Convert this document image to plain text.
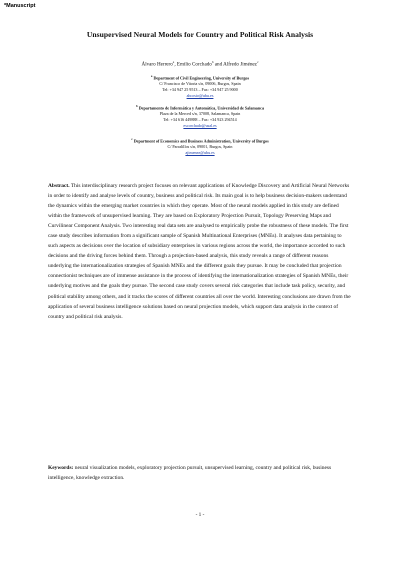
*Manuscript
Unsupervised Neural Models for Country and Political Risk Analysis
Álvaro Herrero$^a$, Emilio Corchado$^b$ and Alfredo Jiménez$^c$
$^a$ Department of Civil Engineering, University of Burgos
C/ Francisco de Vitoria s/n, 09006, Burgos, Spain
Tel: +34 947 25 9513 – Fax: +34 947 25 9000
ahcosio@ubu.es
$^b$ Departamento de Informática y Automática, Universidad de Salamanca
Plaza de la Merced s/n, 37008, Salamanca, Spain
Tel: +34 616 449888 – Fax: +34 923 294514
escorchado@usal.es
$^c$ Department of Economics and Business Administration, University of Burgos
C/ Parralillos s/n, 09001, Burgos, Spain
ajimenez@ubu.es
Abstract. This interdisciplinary research project focuses on relevant applications of Knowledge Discovery and Artificial Neural Networks in order to identify and analyse levels of country, business and political risk. Its main goal is to help business decision-makers understand the dynamics within the emerging market countries in which they operate. Most of the neural models applied in this study are defined within the framework of unsupervised learning. They are based on Exploratory Projection Pursuit, Topology Preserving Maps and Curvilinear Component Analysis. Two interesting real data sets are analysed to empirically probe the robustness of these models. The first case study describes information from a significant sample of Spanish Multinational Enterprises (MNEs). It analyses data pertaining to such aspects as decisions over the location of subsidiary enterprises in various regions across the world, the importance accorded to such decisions and the driving forces behind them. Through a projection-based analysis, this study reveals a range of different reasons underlying the internationalization strategies of Spanish MNEs and the different goals they pursue. It may be concluded that projection connectionist techniques are of immense assistance in the process of identifying the internationalization strategies of Spanish MNEs, their underlying motives and the goals they pursue. The second case study covers several risk categories that include task policy, security, and political stability among others, and it tracks the scores of different countries all over the world. Interesting conclusions are drawn from the application of several business intelligence solutions based on neural projection models, which support data analysis in the context of country and political risk analysis.
Keywords: neural visualization models, exploratory projection pursuit, unsupervised learning, country and political risk, business intelligence, knowledge extraction.
- 1 -
